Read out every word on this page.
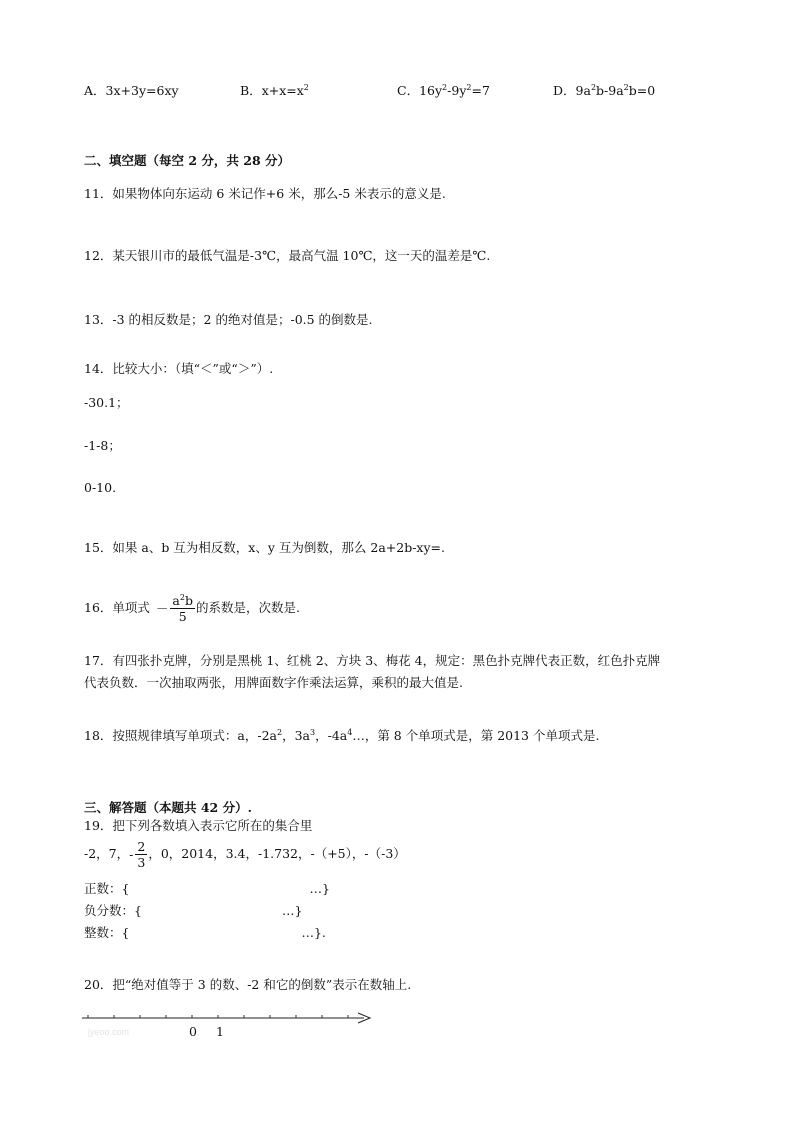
A．3x+3y=6xy	B．$x+x=x^2$	C．$16y^2-9y^2=7$	D．$9a^2b-9a^2b=0$
二、填空题（每空 2 分，共 28 分）
11．如果物体向东运动 6 米记作+6 米，那么-5 米表示的意义是.
12．某天银川市的最低气温是-3℃，最高气温 10℃，这一天的温差是℃.
13．-3 的相反数是；2 的绝对值是；-0.5 的倒数是.
14．比较大小：（填“＜”或“＞”）.
-30.1；
-1-8；
0-10.
15．如果 a、b 互为相反数，x、y 互为倒数，那么 2a+2b-xy=.
16．单项式 － $\frac{a^2b}{5}$ 的系数是，次数是.
17．有四张扑克牌，分别是黑桃 1、红桃 2、方块 3、梅花 4，规定：黑色扑克牌代表正数，红色扑克牌
代表负数．一次抽取两张，用牌面数字作乘法运算，乘积的最大值是.
18．按照规律填写单项式：a，$-2a^2$，$3a^3$，$-4a^4\dots$，第 8 个单项式是，第 2013 个单项式是.
三、解答题（本题共 42 分）.
19．把下列各数填入表示它所在的集合里
-2，7，- $\frac{2}{3}$ ，0，2014，3.4，-1.732，-（+5），-（-3）
正数：{	…}
负分数：{	…}
整数：{	…}.
20．把“绝对值等于 3 的数、-2 和它的倒数”表示在数轴上.
jyeoo.com	0 1
